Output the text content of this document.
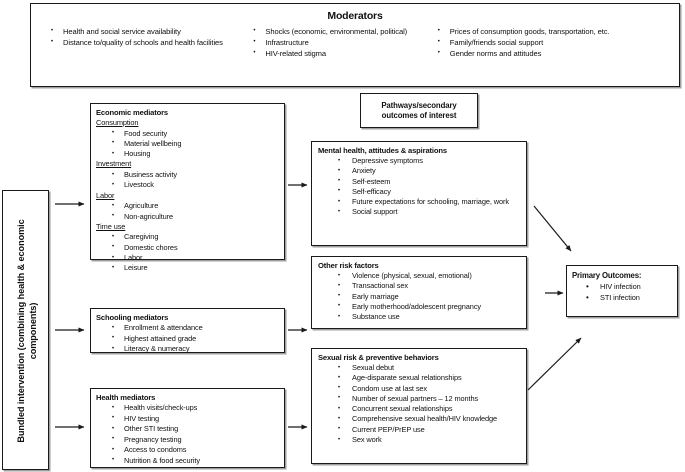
Moderators
• Health and social service availability
• Distance to/quality of schools and health facilities
• Shocks (economic, environmental, political)
• Infrastructure
• HIV-related stigma
• Prices of consumption goods, transportation, etc.
• Family/friends social support
• Gender norms and attitudes
Bundled intervention (combining health & economic components)
Economic mediators
Consumption
• Food security
• Material wellbeing
• Housing
Investment
• Business activity
• Livestock
Labor
• Agriculture
• Non-agriculture
Time use
• Caregiving
• Domestic chores
• Labor
• Leisure
Schooling mediators
• Enrollment & attendance
• Highest attained grade
• Literacy & numeracy
Health mediators
• Health visits/check-ups
• HIV testing
• Other STI testing
• Pregnancy testing
• Access to condoms
• Nutrition & food security
Pathways/secondary
outcomes of interest
Mental health, attitudes & aspirations
• Depressive symptoms
• Anxiety
• Self-esteem
• Self-efficacy
• Future expectations for schooling, marriage, work
• Social support
Other risk factors
• Violence (physical, sexual, emotional)
• Transactional sex
• Early marriage
• Early motherhood/adolescent pregnancy
• Substance use
Sexual risk & preventive behaviors
• Sexual debut
• Age-disparate sexual relationships
• Condom use at last sex
• Number of sexual partners – 12 months
• Concurrent sexual relationships
• Comprehensive sexual health/HIV knowledge
• Current PEP/PrEP use
• Sex work
Primary Outcomes:
• HIV infection
• STI infection
